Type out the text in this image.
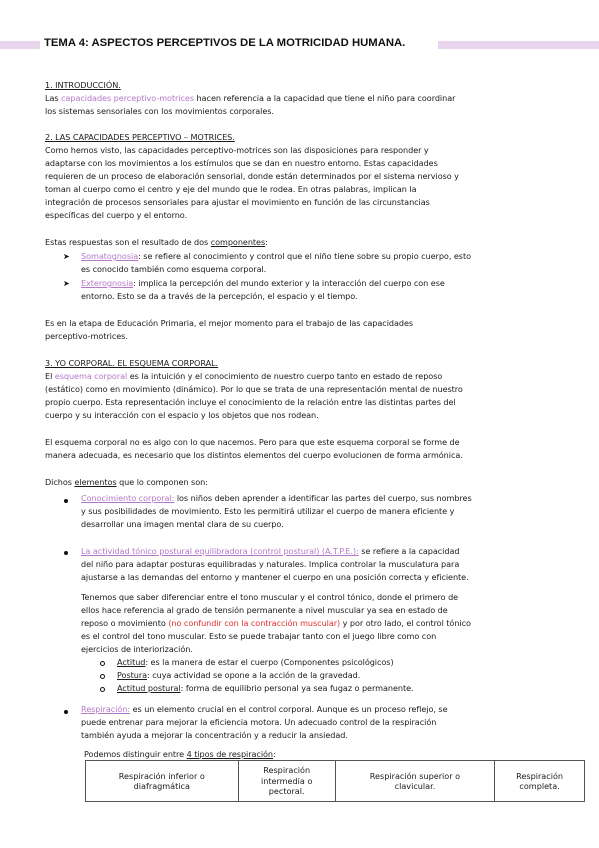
TEMA 4: ASPECTOS PERCEPTIVOS DE LA MOTRICIDAD HUMANA.
1. INTRODUCCIÓN.
Las capacidades perceptivo-motrices hacen referencia a la capacidad que tiene el niño para coordinar
los sistemas sensoriales con los movimientos corporales.
2. LAS CAPACIDADES PERCEPTIVO – MOTRICES.
Como hemos visto, las capacidades perceptivo-motrices son las disposiciones para responder y
adaptarse con los movimientos a los estímulos que se dan en nuestro entorno. Estas capacidades
requieren de un proceso de elaboración sensorial, donde están determinados por el sistema nervioso y
toman al cuerpo como el centro y eje del mundo que le rodea. En otras palabras, implican la
integración de procesos sensoriales para ajustar el movimiento en función de las circunstancias
específicas del cuerpo y el entorno.
Estas respuestas son el resultado de dos componentes:
➤ Somatognosia: se refiere al conocimiento y control que el niño tiene sobre su propio cuerpo, esto
es conocido también como esquema corporal.
➤ Exterognosia: implica la percepción del mundo exterior y la interacción del cuerpo con ese
entorno. Esto se da a través de la percepción, el espacio y el tiempo.
Es en la etapa de Educación Primaria, el mejor momento para el trabajo de las capacidades
perceptivo-motrices.
3. YO CORPORAL. EL ESQUEMA CORPORAL.
El esquema corporal es la intuición y el conocimiento de nuestro cuerpo tanto en estado de reposo
(estático) como en movimiento (dinámico). Por lo que se trata de una representación mental de nuestro
propio cuerpo. Esta representación incluye el conocimiento de la relación entre las distintas partes del
cuerpo y su interacción con el espacio y los objetos que nos rodean.
El esquema corporal no es algo con lo que nacemos. Pero para que este esquema corporal se forme de
manera adecuada, es necesario que los distintos elementos del cuerpo evolucionen de forma armónica.
Dichos elementos que lo componen son:
Conocimiento corporal: los niños deben aprender a identificar las partes del cuerpo, sus nombres
y sus posibilidades de movimiento. Esto les permitirá utilizar el cuerpo de manera eficiente y
desarrollar una imagen mental clara de su cuerpo.
La actividad tónico postural equilibradora (control postural) (A.T.P.E.): se refiere a la capacidad
del niño para adaptar posturas equilibradas y naturales. Implica controlar la musculatura para
ajustarse a las demandas del entorno y mantener el cuerpo en una posición correcta y eficiente.
Tenemos que saber diferenciar entre el tono muscular y el control tónico, donde el primero de
ellos hace referencia al grado de tensión permanente a nivel muscular ya sea en estado de
reposo o movimiento (no confundir con la contracción muscular) y por otro lado, el control tónico
es el control del tono muscular. Esto se puede trabajar tanto con el juego libre como con
ejercicios de interiorización.
Actitud: es la manera de estar el cuerpo (Componentes psicológicos)
Postura: cuya actividad se opone a la acción de la gravedad.
Actitud postural: forma de equilibrio personal ya sea fugaz o permanente.
Respiración: es un elemento crucial en el control corporal. Aunque es un proceso reflejo, se
puede entrenar para mejorar la eficiencia motora. Un adecuado control de la respiración
también ayuda a mejorar la concentración y a reducir la ansiedad.
Podemos distinguir entre 4 tipos de respiración:
Respiración inferior o
diafragmática	Respiración
intermedia o
pectoral.	Respiración superior o
clavicular.	Respiración
completa.
